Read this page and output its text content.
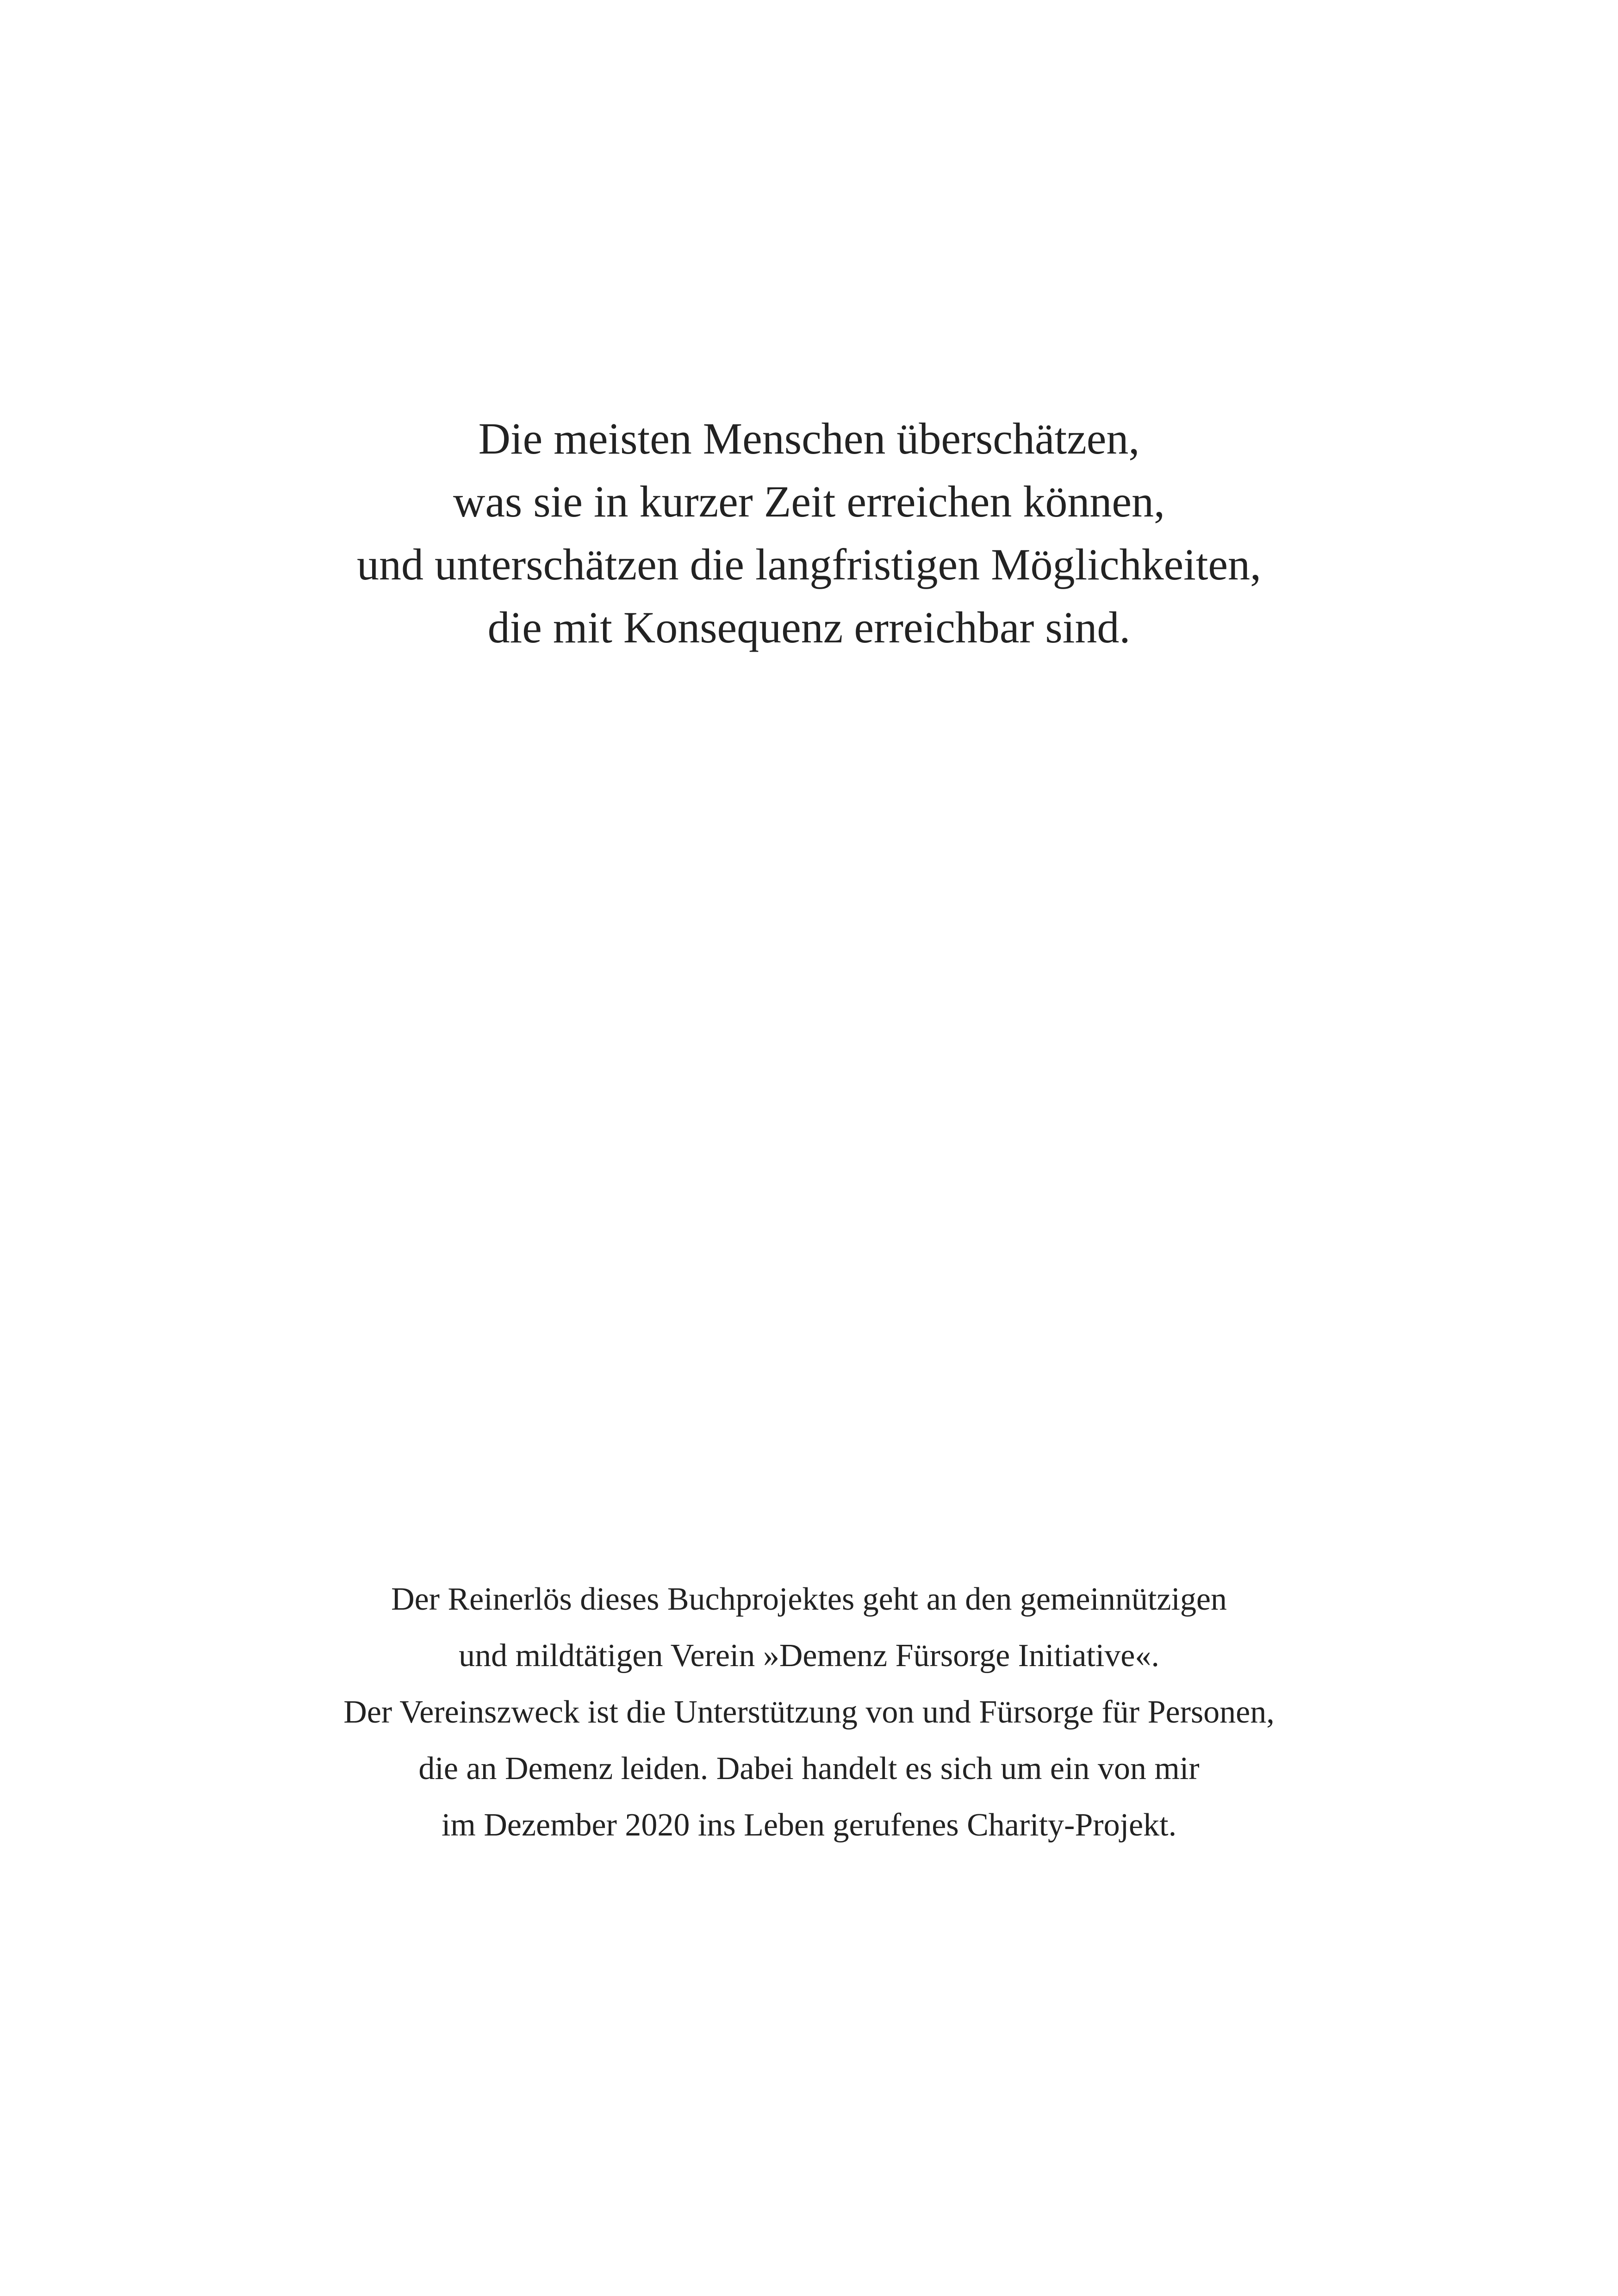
Die meisten Menschen überschätzen,
was sie in kurzer Zeit erreichen können,
und unterschätzen die langfristigen Möglichkeiten,
die mit Konsequenz erreichbar sind.
Der Reinerlös dieses Buchprojektes geht an den gemeinnützigen
und mildtätigen Verein »Demenz Fürsorge Initiative«.
Der Vereinszweck ist die Unterstützung von und Fürsorge für Personen,
die an Demenz leiden. Dabei handelt es sich um ein von mir
im Dezember 2020 ins Leben gerufenes Charity-Projekt.
